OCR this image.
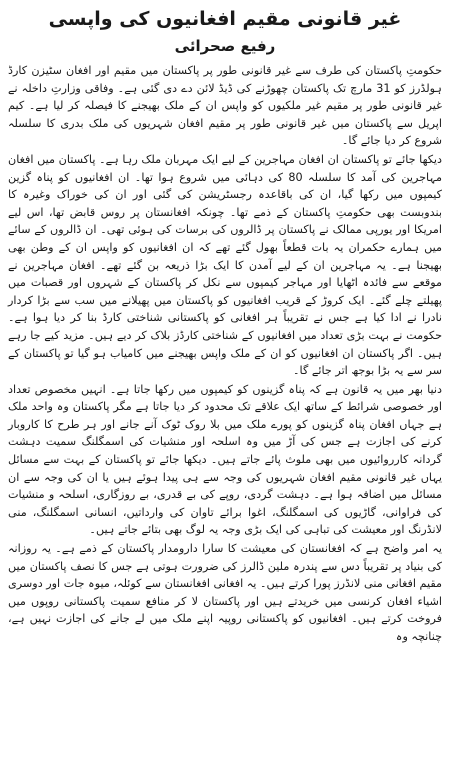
غیر قانونی مقیم افغانیوں کی واپسی
رفیع صحرائی

حکومتِ پاکستان کی طرف سے غیر قانونی طور پر پاکستان میں مقیم اور افغان سٹیزن کارڈ ہولڈرز کو 31 مارچ تک پاکستان چھوڑنے کی ڈیڈ لائن دے دی گئی ہے۔ وفاقی وزارتِ داخلہ نے غیر قانونی طور پر مقیم غیر ملکیوں کو واپس ان کے ملک بھیجنے کا فیصلہ کر لیا ہے۔ کیم اپریل سے پاکستان میں غیر قانونی طور پر مقیم افغان شہریوں کی ملک بدری کا سلسلہ شروع کر دیا جائے گا۔

دیکھا جائے تو پاکستان ان افغان مہاجرین کے لیے ایک مہربان ملک رہا ہے۔ پاکستان میں افغان مہاجرین کی آمد کا سلسلہ 80 کی دہائی میں شروع ہوا تھا۔ ان افغانیوں کو پناہ گزین کیمپوں میں رکھا گیا، ان کی باقاعدہ رجسٹریشن کی گئی اور ان کی خوراک وغیرہ کا بندوبست بھی حکومتِ پاکستان کے ذمے تھا۔ چونکہ افغانستان پر روس قابض تھا، اس لیے امریکا اور یورپی ممالک نے پاکستان پر ڈالروں کی برسات کی ہوئی تھی۔ ان ڈالروں کے سائے میں ہمارے حکمران یہ بات قطعاً بھول گئے تھے کہ ان افغانیوں کو واپس ان کے وطن بھی بھیجنا ہے۔ یہ مہاجرین ان کے لیے آمدن کا ایک بڑا ذریعہ بن گئے تھے۔ افغان مہاجرین نے موقعے سے فائدہ اٹھایا اور مہاجر کیمپوں سے نکل کر پاکستان کے شہروں اور قصبات میں پھیلتے چلے گئے۔ ایک کروڑ کے قریب افغانیوں کو پاکستان میں پھیلانے میں سب سے بڑا کردار نادرا نے ادا کیا ہے جس نے تقریباً ہر افغانی کو پاکستانی شناختی کارڈ بنا کر دیا ہوا ہے۔ حکومت نے بہت بڑی تعداد میں افغانیوں کے شناختی کارڈز بلاک کر دیے ہیں۔ مزید کیے جا رہے ہیں۔ اگر پاکستان ان افغانیوں کو ان کے ملک واپس بھیجنے میں کامیاب ہو گیا تو پاکستان کے سر سے یہ بڑا بوجھ اتر جائے گا۔

دنیا بھر میں یہ قانون ہے کہ پناہ گزینوں کو کیمپوں میں رکھا جاتا ہے۔ انہیں مخصوص تعداد اور خصوصی شرائط کے ساتھ ایک علاقے تک محدود کر دیا جاتا ہے مگر پاکستان وہ واحد ملک ہے جہاں افغان پناہ گزینوں کو پورے ملک میں بلا روک ٹوک آنے جانے اور ہر طرح کا کاروبار کرنے کی اجازت ہے جس کی آڑ میں وہ اسلحہ اور منشیات کی اسمگلنگ سمیت دہشت گردانہ کارروائیوں میں بھی ملوث پائے جاتے ہیں۔ دیکھا جائے تو پاکستان کے بہت سے مسائل یہاں غیر قانونی مقیم افغان شہریوں کی وجہ سے ہی پیدا ہوئے ہیں یا ان کی وجہ سے ان مسائل میں اضافہ ہوا ہے۔ دہشت گردی، روپے کی بے قدری، بے روزگاری، اسلحہ و منشیات کی فراوانی، گاڑیوں کی اسمگلنگ، اغوا برائے تاوان کی وارداتیں، انسانی اسمگلنگ، منی لانڈرنگ اور معیشت کی تباہی کی ایک بڑی وجہ یہ لوگ بھی بتائے جاتے ہیں۔

یہ امر واضح ہے کہ افغانستان کی معیشت کا سارا دارومدار پاکستان کے ذمے ہے۔ یہ روزانہ کی بنیاد پر تقریباً دس سے پندرہ ملین ڈالرز کی ضرورت ہوتی ہے جس کا نصف پاکستان میں مقیم افغانی منی لانڈرز پورا کرتے ہیں۔ یہ افغانی افغانستان سے کوئلہ، میوہ جات اور دوسری اشیاء افغان کرنسی میں خریدتے ہیں اور پاکستان لا کر منافع سمیت پاکستانی روپوں میں فروخت کرتے ہیں۔ افغانیوں کو پاکستانی روپیہ اپنے ملک میں لے جانے کی اجازت نہیں ہے، چنانچہ وہ
